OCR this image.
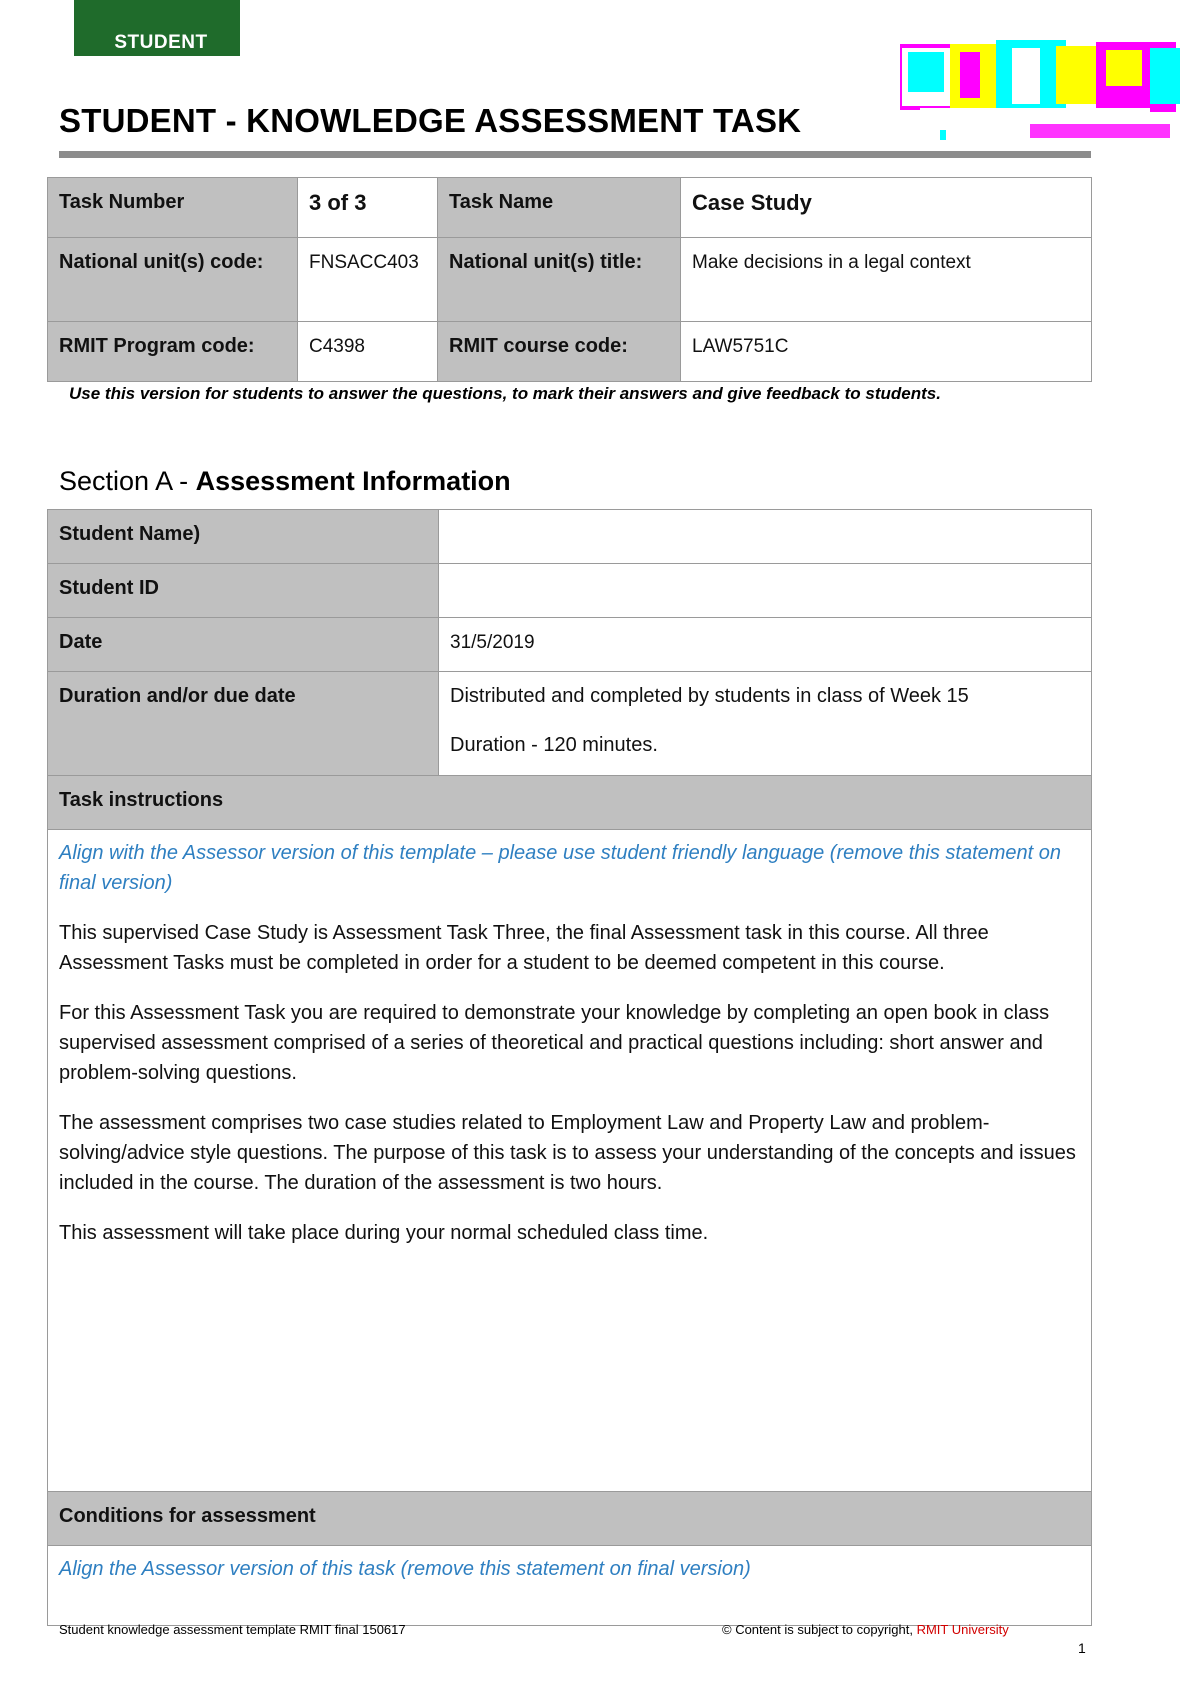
STUDENT
STUDENT - KNOWLEDGE ASSESSMENT TASK
Task Number	3 of 3	Task Name	Case Study
National unit(s) code:	FNSACC403	National unit(s) title:	Make decisions in a legal context
RMIT Program code:	C4398	RMIT course code:	LAW5751C
Use this version for students to answer the questions, to mark their answers and give feedback to students.
Section A - Assessment Information
Student Name)	
Student ID	
Date	31/5/2019
Duration and/or due date	Distributed and completed by students in class of Week 15
Duration - 120 minutes.

Task instructions	

Align with the Assessor version of this template – please use student friendly language (remove this statement on final version)

This supervised Case Study is Assessment Task Three, the final Assessment task in this course. All three Assessment Tasks must be completed in order for a student to be deemed competent in this course.

For this Assessment Task you are required to demonstrate your knowledge by completing an open book in class supervised assessment comprised of a series of theoretical and practical questions including: short answer and problem-solving questions.

The assessment comprises two case studies related to Employment Law and Property Law and problem-solving/advice style questions. The purpose of this task is to assess your understanding of the concepts and issues included in the course. The duration of the assessment is two hours.

This assessment will take place during your normal scheduled class time.	

Conditions for assessment	

Align the Assessor version of this task (remove this statement on final version)	

Student knowledge assessment template RMIT final 150617	© Content is subject to copyright, RMIT University
1
